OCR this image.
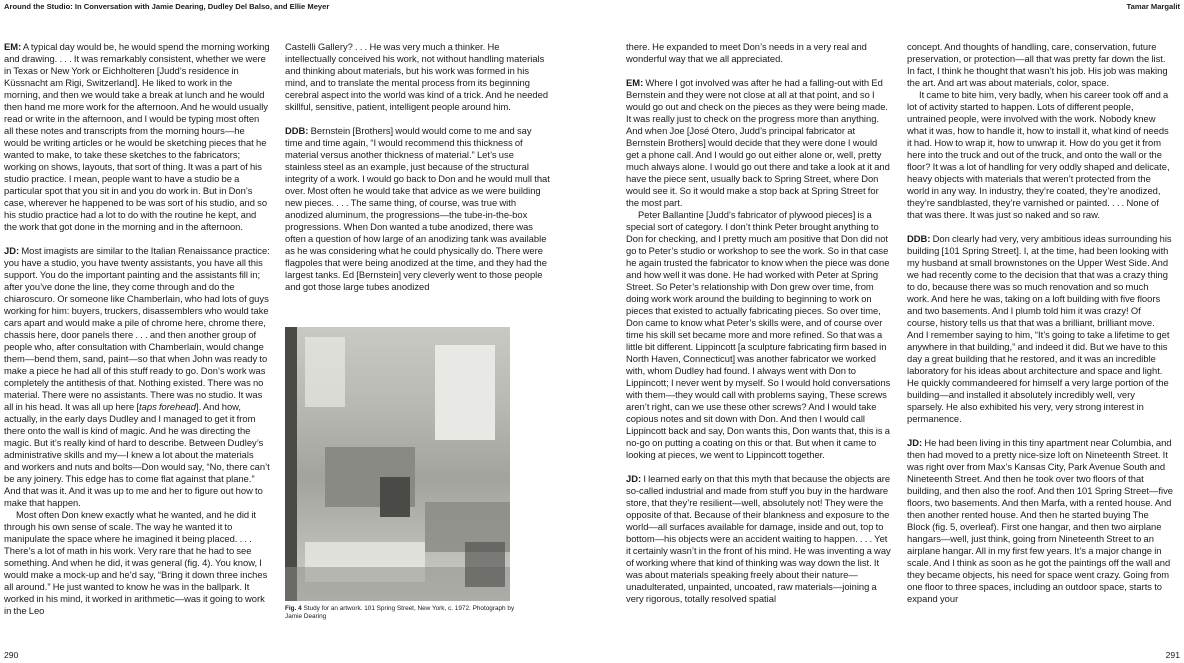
Around the Studio: In Conversation with Jamie Dearing, Dudley Del Balso, and Ellie Meyer	Tamar Margalit

EM: A typical day would be, he would spend the morning working and drawing. . . . It was remarkably consistent, whether we were in Texas or New York or Eichholteren [Judd’s residence in Küssnacht am Rigi, Switzerland]. He liked to work in the morning, and then we would take a break at lunch and he would then hand me more work for the afternoon. And he would usually read or write in the afternoon, and I would be typing most often all these notes and transcripts from the morning hours—he would be writing articles or he would be sketching pieces that he wanted to make, to take these sketches to the fabricators; working on shows, layouts, that sort of thing. It was a part of his studio practice. I mean, people want to have a studio be a particular spot that you sit in and you do work in. But in Don’s case, wherever he happened to be was sort of his studio, and so his studio practice had a lot to do with the routine he kept, and the work that got done in the morning and in the afternoon.

JD: Most imagists are similar to the Italian Renaissance practice: you have a studio, you have twenty assistants, you have all this support. You do the important painting and the assistants fill in; after you’ve done the line, they come through and do the chiaroscuro. Or someone like Chamberlain, who had lots of guys working for him: buyers, truckers, disassemblers who would take cars apart and would make a pile of chrome here, chrome there, chassis here, door panels there . . . and then another group of people who, after consultation with Chamberlain, would change them—bend them, sand, paint—so that when John was ready to make a piece he had all of this stuff ready to go. Don’s work was completely the antithesis of that. Nothing existed. There was no material. There were no assistants. There was no studio. It was all in his head. It was all up here [taps forehead]. And how, actually, in the early days Dudley and I managed to get it from there onto the wall is kind of magic. And he was directing the magic. But it’s really kind of hard to describe. Between Dudley’s administrative skills and my—I knew a lot about the materials and workers and nuts and bolts—Don would say, “No, there can’t be any joinery. This edge has to come flat against that plane.” And that was it. And it was up to me and her to figure out how to make that happen.

Most often Don knew exactly what he wanted, and he did it through his own sense of scale. The way he wanted it to manipulate the space where he imagined it being placed. . . . There’s a lot of math in his work. Very rare that he had to see something. And when he did, it was general (fig. 4). You know, I would make a mock-up and he’d say, “Bring it down three inches all around.” He just wanted to know he was in the ballpark. It worked in his mind, it worked in arithmetic—was it going to work in the Leo

Castelli Gallery? . . . He was very much a thinker. He intellectually conceived his work, not without handling materials and thinking about materials, but his work was formed in his mind, and to translate the mental process from its beginning cerebral aspect into the world was kind of a trick. And he needed skillful, sensitive, patient, intelligent people around him.

DDB: Bernstein [Brothers] would would come to me and say time and time again, “I would recommend this thickness of material versus another thickness of material.” Let’s use stainless steel as an example, just because of the structural integrity of a work. I would go back to Don and he would mull that over. Most often he would take that advice as we were building new pieces. . . . The same thing, of course, was true with anodized aluminum, the progressions—the tube-in-the-box progressions. When Don wanted a tube anodized, there was often a question of how large of an anodizing tank was available as he was considering what he could physically do. There were flagpoles that were being anodized at the time, and they had the largest tanks. Ed [Bernstein] very cleverly went to those people and got those large tubes anodized

Fig. 4 Study for an artwork. 101 Spring Street, New York, c. 1972. Photograph by Jamie Dearing

there. He expanded to meet Don’s needs in a very real and wonderful way that we all appreciated.

EM: Where I got involved was after he had a falling-out with Ed Bernstein and they were not close at all at that point, and so I would go out and check on the pieces as they were being made. It was really just to check on the progress more than anything. And when Joe [José Otero, Judd’s principal fabricator at Bernstein Brothers] would decide that they were done I would get a phone call. And I would go out either alone or, well, pretty much always alone. I would go out there and take a look at it and have the piece sent, usually back to Spring Street, where Don would see it. So it would make a stop back at Spring Street for the most part.

Peter Ballantine [Judd’s fabricator of plywood pieces] is a special sort of category. I don’t think Peter brought anything to Don for checking, and I pretty much am positive that Don did not go to Peter’s studio or workshop to see the work. So in that case he again trusted the fabricator to know when the piece was done and how well it was done. He had worked with Peter at Spring Street. So Peter’s relationship with Don grew over time, from doing work work around the building to beginning to work on pieces that existed to actually fabricating pieces. So over time, Don came to know what Peter’s skills were, and of course over time his skill set became more and more refined. So that was a little bit different. Lippincott [a sculpture fabricating firm based in North Haven, Connecticut] was another fabricator we worked with, whom Dudley had found. I always went with Don to Lippincott; I never went by myself. So I would hold conversations with them—they would call with problems saying, These screws aren’t right, can we use these other screws? And I would take copious notes and sit down with Don. And then I would call Lippincott back and say, Don wants this, Don wants that, this is a no-go on putting a coating on this or that. But when it came to looking at pieces, we went to Lippincott together.

JD: I learned early on that this myth that because the objects are so-called industrial and made from stuff you buy in the hardware store, that they’re resilient—well, absolutely not! They were the opposite of that. Because of their blankness and exposure to the world—all surfaces available for damage, inside and out, top to bottom—his objects were an accident waiting to happen. . . . Yet it certainly wasn’t in the front of his mind. He was inventing a way of working where that kind of thinking was way down the list. It was about materials speaking freely about their nature—unadulterated, unpainted, uncoated, raw materials—joining a very rigorous, totally resolved spatial

concept. And thoughts of handling, care, conservation, future preservation, or protection—all that was pretty far down the list. In fact, I think he thought that wasn’t his job. His job was making the art. And art was about materials, color, space.

It came to bite him, very badly, when his career took off and a lot of activity started to happen. Lots of different people, untrained people, were involved with the work. Nobody knew what it was, how to handle it, how to install it, what kind of needs it had. How to wrap it, how to unwrap it. How do you get it from here into the truck and out of the truck, and onto the wall or the floor? It was a lot of handling for very oddly shaped and delicate, heavy objects with materials that weren’t protected from the world in any way. In industry, they’re coated, they’re anodized, they’re sandblasted, they’re varnished or painted. . . . None of that was there. It was just so naked and so raw.

DDB: Don clearly had very, very ambitious ideas surrounding his building [101 Spring Street]. I, at the time, had been looking with my husband at small brownstones on the Upper West Side. And we had recently come to the decision that that was a crazy thing to do, because there was so much renovation and so much work. And here he was, taking on a loft building with five floors and two basements. And I plumb told him it was crazy! Of course, history tells us that that was a brilliant, brilliant move. And I remember saying to him, “It’s going to take a lifetime to get anywhere in that building,” and indeed it did. But we have to this day a great building that he restored, and it was an incredible laboratory for his ideas about architecture and space and light. He quickly commandeered for himself a very large portion of the building—and installed it absolutely incredibly well, very sparsely. He also exhibited his very, very strong interest in permanence.

JD: He had been living in this tiny apartment near Columbia, and then had moved to a pretty nice-size loft on Nineteenth Street. It was right over from Max’s Kansas City, Park Avenue South and Nineteenth Street. And then he took over two floors of that building, and then also the roof. And then 101 Spring Street—five floors, two basements. And then Marfa, with a rented house. And then another rented house. And then he started buying The Block (fig. 5, overleaf). First one hangar, and then two airplane hangars—well, just think, going from Nineteenth Street to an airplane hangar. All in my first few years. It’s a major change in scale. And I think as soon as he got the paintings off the wall and they became objects, his need for space went crazy. Going from one floor to three spaces, including an outdoor space, starts to expand your

290	291
